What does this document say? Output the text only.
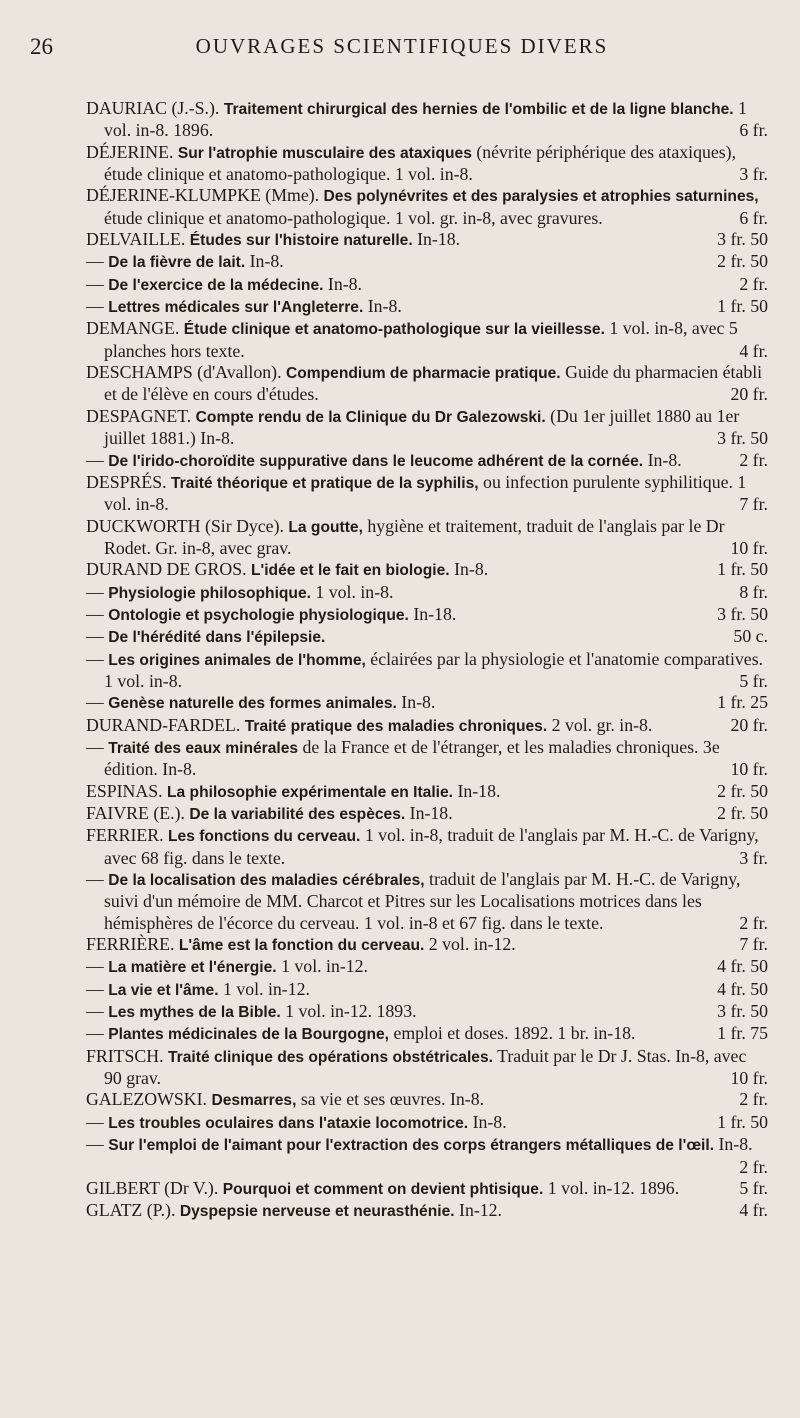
26	OUVRAGES SCIENTIFIQUES DIVERS
DAURIAC (J.-S.). Traitement chirurgical des hernies de l'ombilic et de la ligne blanche. 1 vol. in-8. 1896.	6 fr.
DÉJERINE. Sur l'atrophie musculaire des ataxiques (névrite périphérique des ataxiques), étude clinique et anatomo-pathologique. 1 vol. in-8.	3 fr.
DÉJERINE-KLUMPKE (Mme). Des polynévrites et des paralysies et atrophies saturnines, étude clinique et anatomo-pathologique. 1 vol. gr. in-8, avec gravures.	6 fr.
DELVAILLE. Études sur l'histoire naturelle. In-18.	3 fr. 50
— De la fièvre de lait. In-8.	2 fr. 50
— De l'exercice de la médecine. In-8.	2 fr.
— Lettres médicales sur l'Angleterre. In-8.	1 fr. 50
DEMANGE. Étude clinique et anatomo-pathologique sur la vieillesse. 1 vol. in-8, avec 5 planches hors texte.	4 fr.
DESCHAMPS (d'Avallon). Compendium de pharmacie pratique. Guide du pharmacien établi et de l'élève en cours d'études.	20 fr.
DESPAGNET. Compte rendu de la Clinique du Dr Galezowski. (Du 1er juillet 1880 au 1er juillet 1881.) In-8.	3 fr. 50
— De l'irido-choroïdite suppurative dans le leucome adhérent de la cornée. In-8.	2 fr.
DESPRÉS. Traité théorique et pratique de la syphilis, ou infection purulente syphilitique. 1 vol. in-8.	7 fr.
DUCKWORTH (Sir Dyce). La goutte, hygiène et traitement, traduit de l'anglais par le Dr Rodet. Gr. in-8, avec grav.	10 fr.
DURAND DE GROS. L'idée et le fait en biologie. In-8.	1 fr. 50
— Physiologie philosophique. 1 vol. in-8.	8 fr.
— Ontologie et psychologie physiologique. In-18.	3 fr. 50
— De l'hérédité dans l'épilepsie.	50 c.
— Les origines animales de l'homme, éclairées par la physiologie et l'anatomie comparatives. 1 vol. in-8.	5 fr.
— Genèse naturelle des formes animales. In-8.	1 fr. 25
DURAND-FARDEL. Traité pratique des maladies chroniques. 2 vol. gr. in-8.	20 fr.
— Traité des eaux minérales de la France et de l'étranger, et les maladies chroniques. 3e édition. In-8.	10 fr.
ESPINAS. La philosophie expérimentale en Italie. In-18.	2 fr. 50
FAIVRE (E.). De la variabilité des espèces. In-18.	2 fr. 50
FERRIER. Les fonctions du cerveau. 1 vol. in-8, traduit de l'anglais par M. H.-C. de Varigny, avec 68 fig. dans le texte.	3 fr.
— De la localisation des maladies cérébrales, traduit de l'anglais par M. H.-C. de Varigny, suivi d'un mémoire de MM. Charcot et Pitres sur les Localisations motrices dans les hémisphères de l'écorce du cerveau. 1 vol. in-8 et 67 fig. dans le texte.	2 fr.
FERRIÈRE. L'âme est la fonction du cerveau. 2 vol. in-12.	7 fr.
— La matière et l'énergie. 1 vol. in-12.	4 fr. 50
— La vie et l'âme. 1 vol. in-12.	4 fr. 50
— Les mythes de la Bible. 1 vol. in-12. 1893.	3 fr. 50
— Plantes médicinales de la Bourgogne, emploi et doses. 1892. 1 br. in-18.	1 fr. 75
FRITSCH. Traité clinique des opérations obstétricales. Traduit par le Dr J. Stas. In-8, avec 90 grav.	10 fr.
GALEZOWSKI. Desmarres, sa vie et ses œuvres. In-8.	2 fr.
— Les troubles oculaires dans l'ataxie locomotrice. In-8.	1 fr. 50
— Sur l'emploi de l'aimant pour l'extraction des corps étrangers métalliques de l'œil. In-8.
2 fr.
GILBERT (Dr V.). Pourquoi et comment on devient phtisique. 1 vol. in-12. 1896.	5 fr.
GLATZ (P.). Dyspepsie nerveuse et neurasthénie. In-12.	4 fr.
